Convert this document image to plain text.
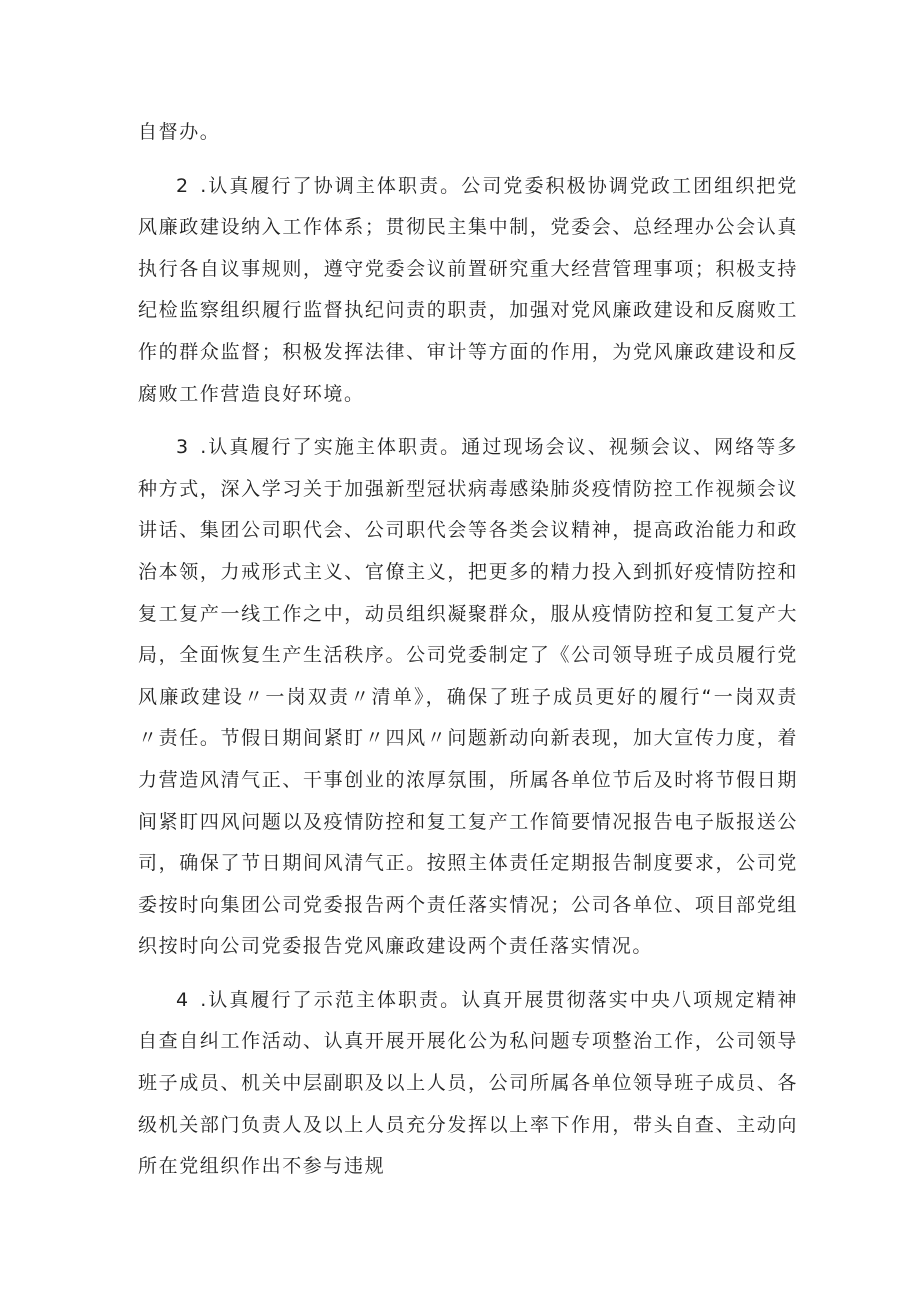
自督办。

2 .认真履行了协调主体职责。公司党委积极协调党政工团组织把党风廉政建设纳入工作体系；贯彻民主集中制，党委会、总经理办公会认真执行各自议事规则，遵守党委会议前置研究重大经营管理事项；积极支持纪检监察组织履行监督执纪问责的职责，加强对党风廉政建设和反腐败工作的群众监督；积极发挥法律、审计等方面的作用，为党风廉政建设和反腐败工作营造良好环境。

3 .认真履行了实施主体职责。通过现场会议、视频会议、网络等多种方式，深入学习关于加强新型冠状病毒感染肺炎疫情防控工作视频会议讲话、集团公司职代会、公司职代会等各类会议精神，提高政治能力和政治本领，力戒形式主义、官僚主义，把更多的精力投入到抓好疫情防控和复工复产一线工作之中，动员组织凝聚群众，服从疫情防控和复工复产大局，全面恢复生产生活秩序。公司党委制定了《公司领导班子成员履行党风廉政建设〃一岗双责〃清单》，确保了班子成员更好的履行“一岗双责〃责任。节假日期间紧盯〃四风〃问题新动向新表现，加大宣传力度，着力营造风清气正、干事创业的浓厚氛围，所属各单位节后及时将节假日期间紧盯四风问题以及疫情防控和复工复产工作简要情况报告电子版报送公司，确保了节日期间风清气正。按照主体责任定期报告制度要求，公司党委按时向集团公司党委报告两个责任落实情况；公司各单位、项目部党组织按时向公司党委报告党风廉政建设两个责任落实情况。

4 .认真履行了示范主体职责。认真开展贯彻落实中央八项规定精神自查自纠工作活动、认真开展开展化公为私问题专项整治工作，公司领导班子成员、机关中层副职及以上人员，公司所属各单位领导班子成员、各级机关部门负责人及以上人员充分发挥以上率下作用，带头自查、主动向所在党组织作出不参与违规
